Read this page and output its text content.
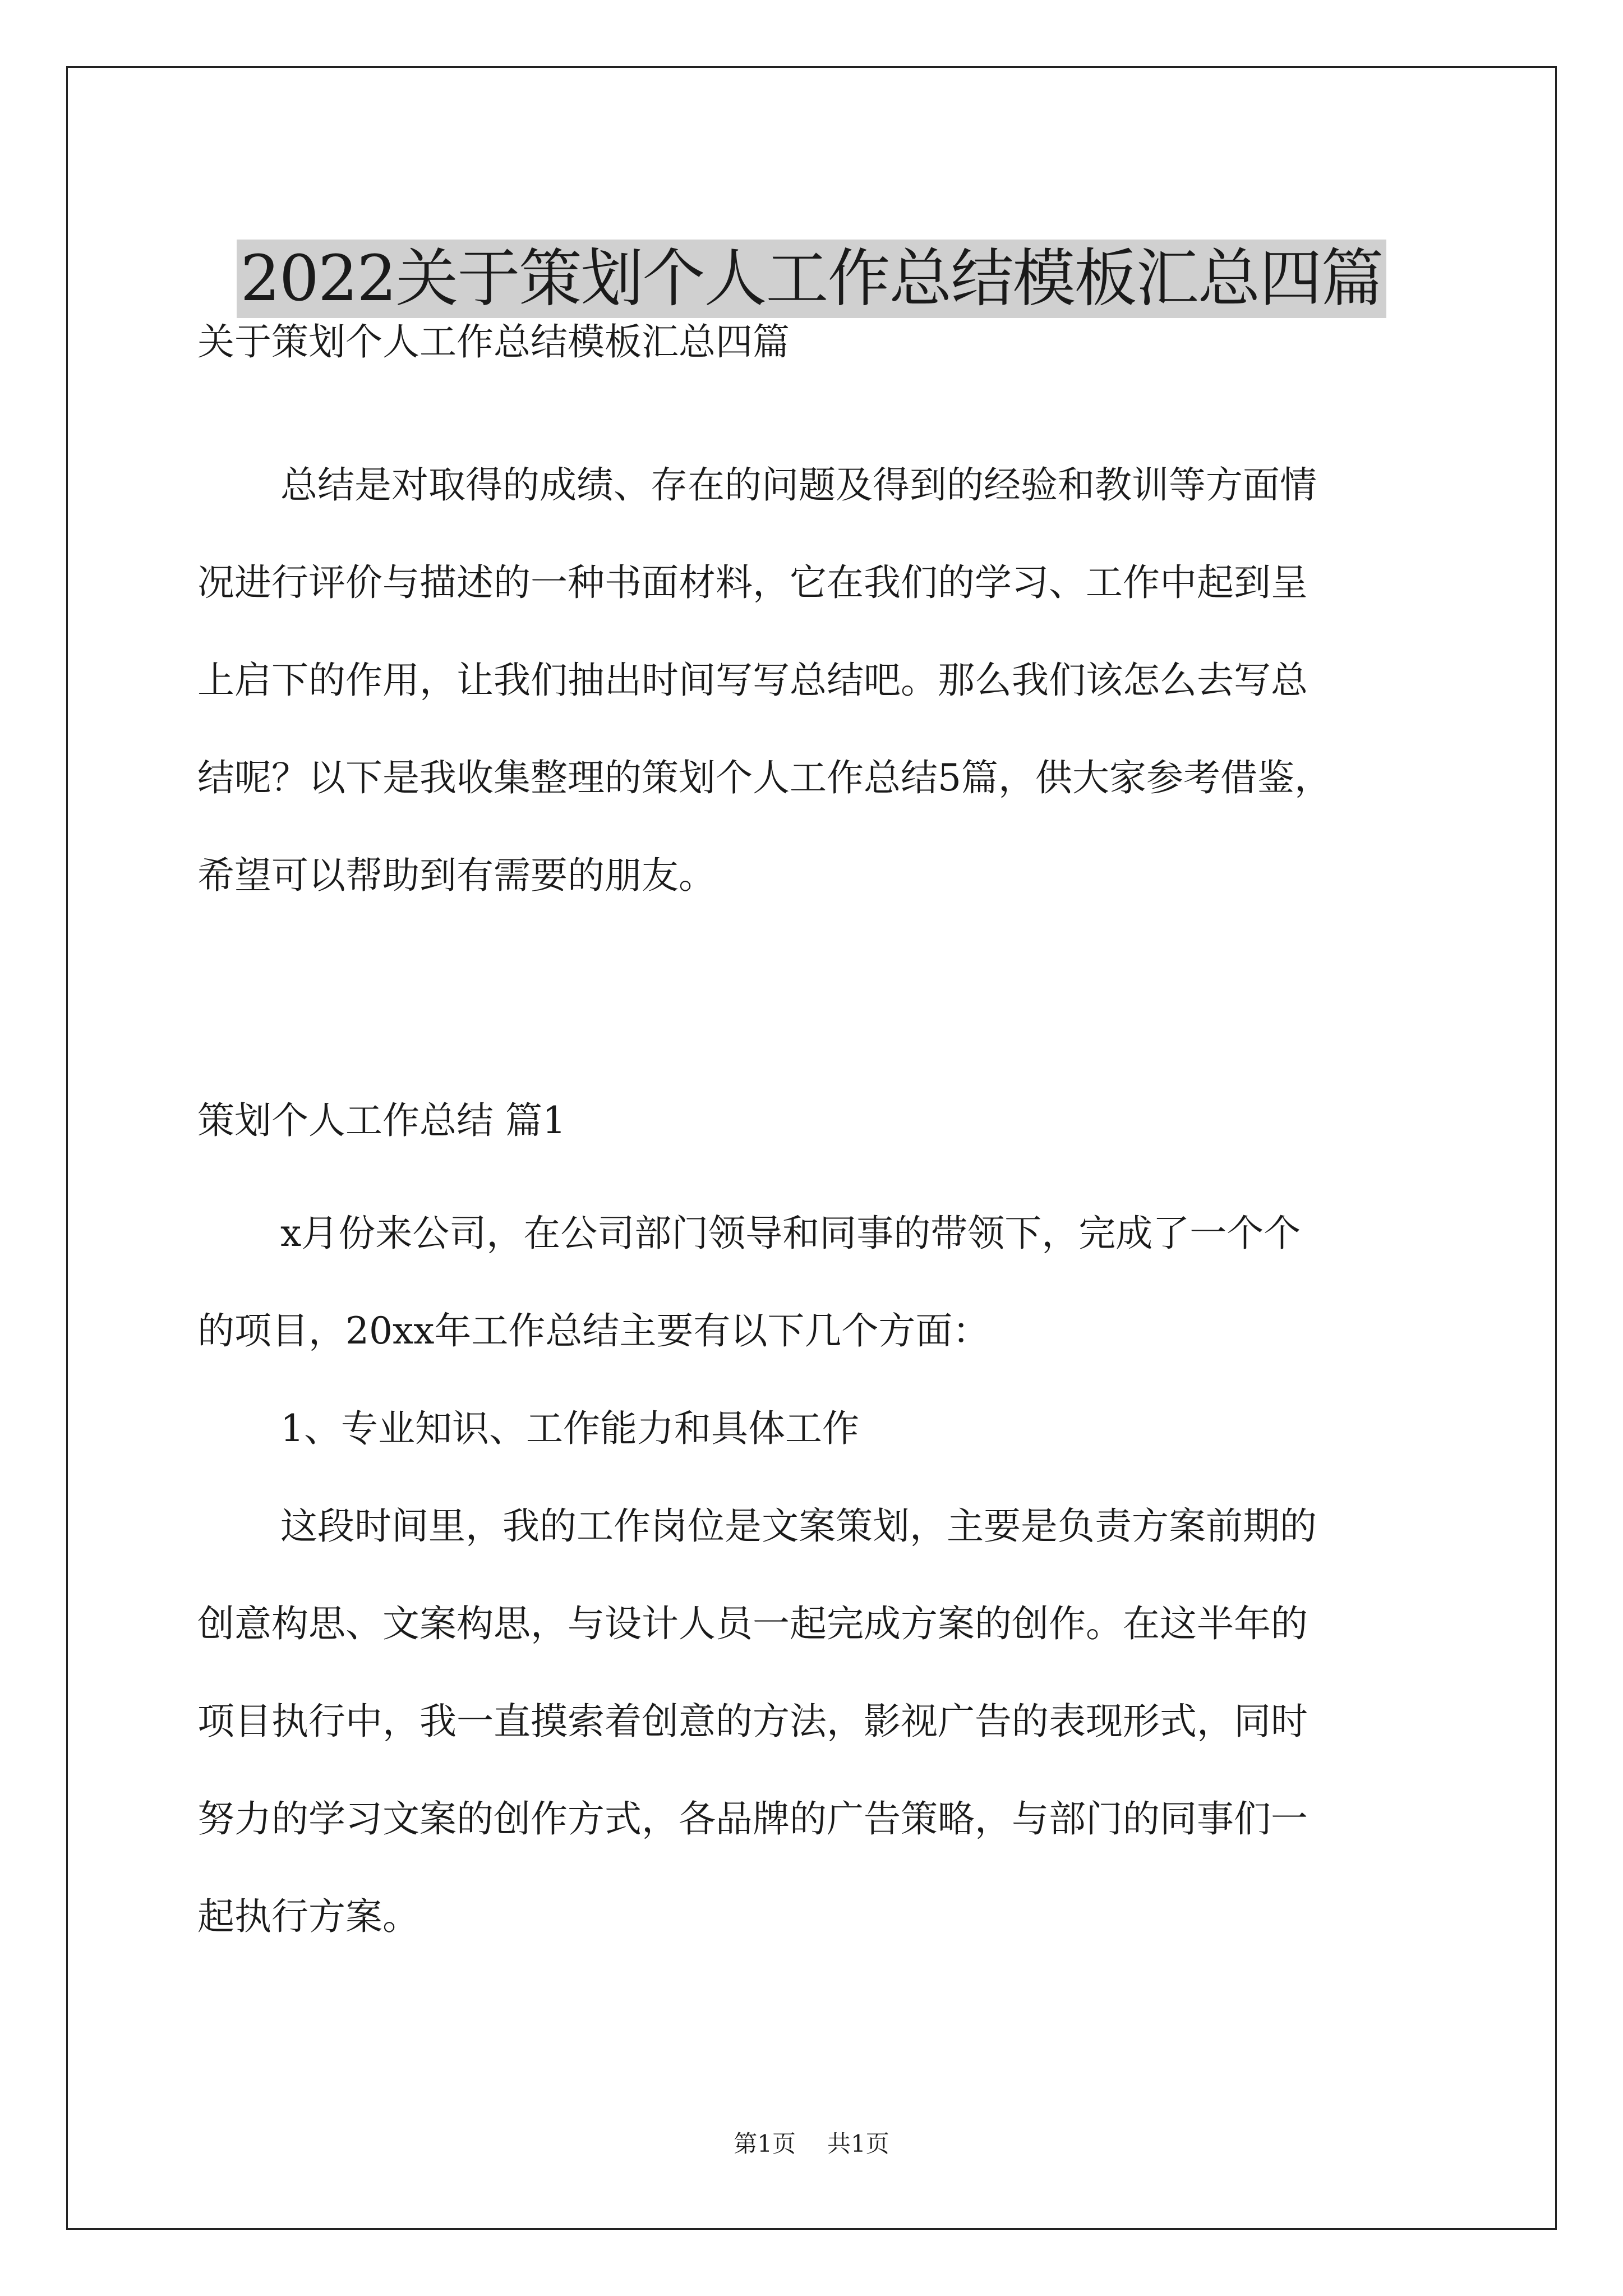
2022关于策划个人工作总结模板汇总四篇

关于策划个人工作总结模板汇总四篇

总结是对取得的成绩、存在的问题及得到的经验和教训等方面情
况进行评价与描述的一种书面材料，它在我们的学习、工作中起到呈
上启下的作用，让我们抽出时间写写总结吧。那么我们该怎么去写总
结呢？以下是我收集整理的策划个人工作总结5篇，供大家参考借鉴，
希望可以帮助到有需要的朋友。

策划个人工作总结 篇1

x月份来公司，在公司部门领导和同事的带领下，完成了一个个
的项目，20xx年工作总结主要有以下几个方面：
1、专业知识、工作能力和具体工作
这段时间里，我的工作岗位是文案策划，主要是负责方案前期的
创意构思、文案构思，与设计人员一起完成方案的创作。在这半年的
项目执行中，我一直摸索着创意的方法，影视广告的表现形式，同时
努力的学习文案的创作方式，各品牌的广告策略，与部门的同事们一
起执行方案。
第1页 共1页
